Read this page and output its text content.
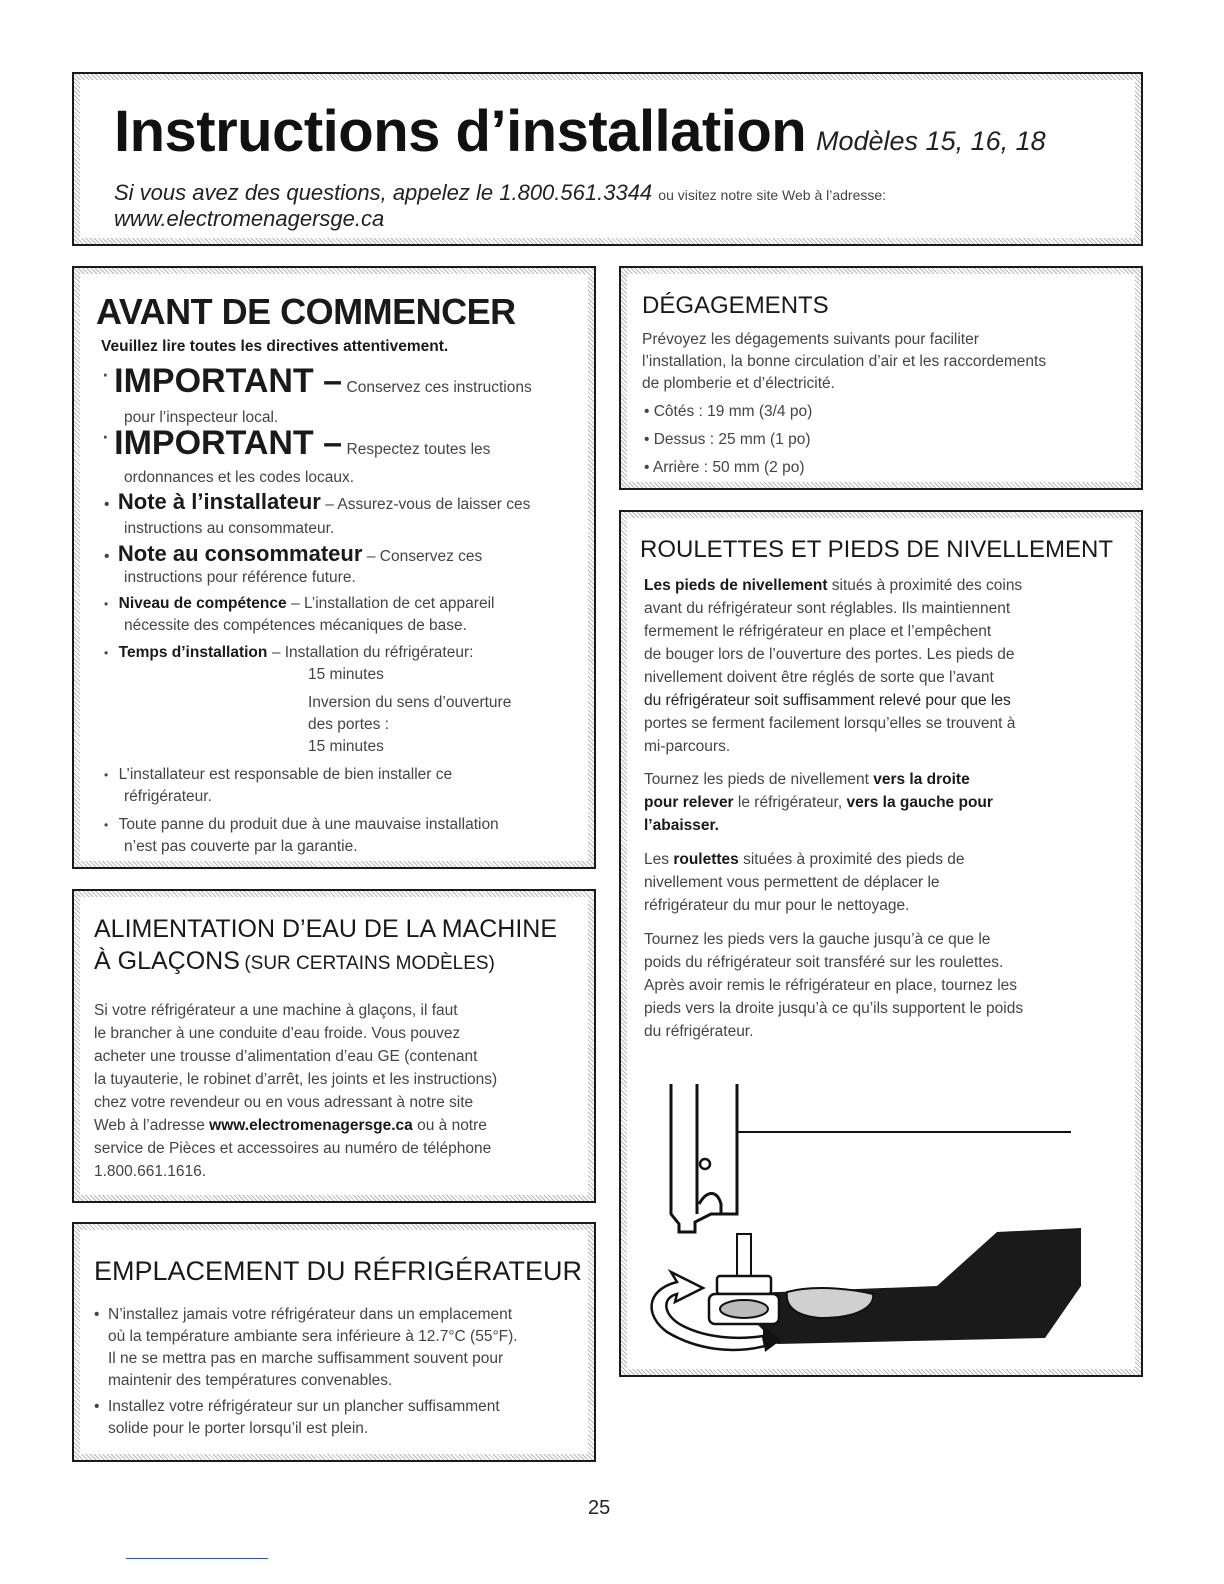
Instructions d’installation Modèles 15, 16, 18
Si vous avez des questions, appelez le 1.800.561.3344 ou visitez notre site Web à l’adresse:
www.electromenagersge.ca
AVANT DE COMMENCER
Veuillez lire toutes les directives attentivement.
· IMPORTANT – Conservez ces instructions
pour l’inspecteur local.
· IMPORTANT – Respectez toutes les
ordonnances et les codes locaux.
• Note à l’installateur – Assurez-vous de laisser ces
instructions au consommateur.
• Note au consommateur – Conservez ces
instructions pour référence future.
• Niveau de compétence – L’installation de cet appareil
nécessite des compétences mécaniques de base.
• Temps d’installation – Installation du réfrigérateur:
15 minutes
Inversion du sens d’ouverture
des portes :
15 minutes
• L’installateur est responsable de bien installer ce
réfrigérateur.
• Toute panne du produit due à une mauvaise installation
n’est pas couverte par la garantie.
ALIMENTATION D’EAU DE LA MACHINE
À GLAÇONS (SUR CERTAINS MODÈLES)
Si votre réfrigérateur a une machine à glaçons, il faut
le brancher à une conduite d’eau froide. Vous pouvez
acheter une trousse d’alimentation d’eau GE (contenant
la tuyauterie, le robinet d’arrêt, les joints et les instructions)
chez votre revendeur ou en vous adressant à notre site
Web à l’adresse www.electromenagersge.ca ou à notre
service de Pièces et accessoires au numéro de téléphone
1.800.661.1616.
EMPLACEMENT DU RÉFRIGÉRATEUR
• N’installez jamais votre réfrigérateur dans un emplacement
où la température ambiante sera inférieure à 12.7°C (55°F).
Il ne se mettra pas en marche suffisamment souvent pour
maintenir des températures convenables.
• Installez votre réfrigérateur sur un plancher suffisamment
solide pour le porter lorsqu’il est plein.
DÉGAGEMENTS
Prévoyez les dégagements suivants pour faciliter
l’installation, la bonne circulation d’air et les raccordements
de plomberie et d’électricité.
• Côtés : 19 mm (3/4 po)
• Dessus : 25 mm (1 po)
• Arrière : 50 mm (2 po)
ROULETTES ET PIEDS DE NIVELLEMENT
Les pieds de nivellement situés à proximité des coins
avant du réfrigérateur sont réglables. Ils maintiennent
fermement le réfrigérateur en place et l’empêchent
de bouger lors de l’ouverture des portes. Les pieds de
nivellement doivent être réglés de sorte que l’avant
du réfrigérateur soit suffisamment relevé pour que les
portes se ferment facilement lorsqu’elles se trouvent à
mi-parcours.
Tournez les pieds de nivellement vers la droite
pour relever le réfrigérateur, vers la gauche pour
l’abaisser.
Les roulettes situées à proximité des pieds de
nivellement vous permettent de déplacer le
réfrigérateur du mur pour le nettoyage.
Tournez les pieds vers la gauche jusqu’à ce que le
poids du réfrigérateur soit transféré sur les roulettes.
Après avoir remis le réfrigérateur en place, tournez les
pieds vers la droite jusqu’à ce qu’ils supportent le poids
du réfrigérateur.
25
